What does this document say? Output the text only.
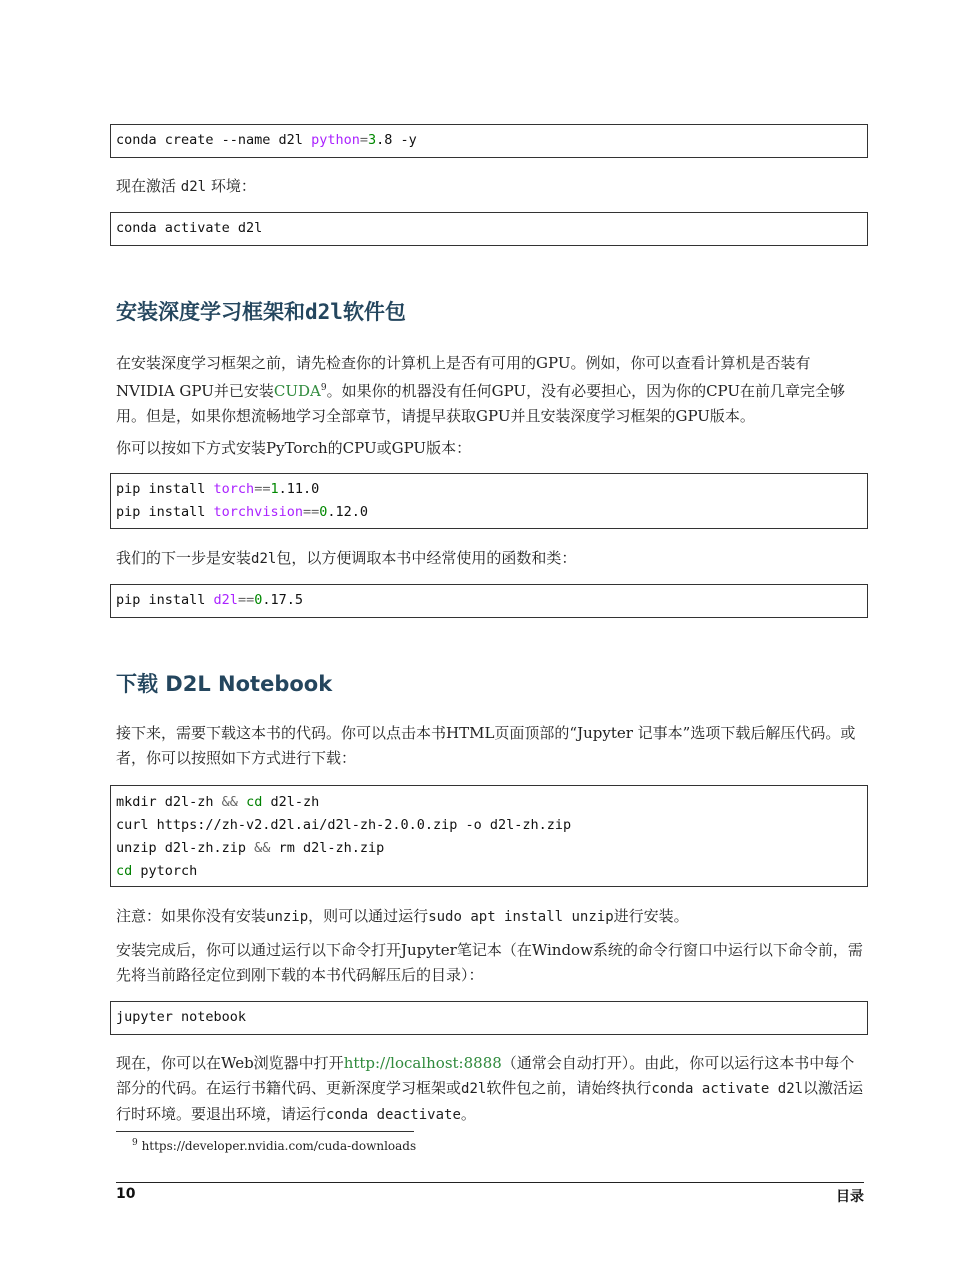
conda create --name d2l python=3.8 -y
现在激活 d2l 环境：
conda activate d2l
安装深度学习框架和d2l软件包
在安装深度学习框架之前，请先检查你的计算机上是否有可用的GPU。例如，你可以查看计算机是否装有NVIDIA GPU并已安装CUDA$^9$。如果你的机器没有任何GPU，没有必要担心，因为你的CPU在前几章完全够用。但是，如果你想流畅地学习全部章节，请提早获取GPU并且安装深度学习框架的GPU版本。
你可以按如下方式安装PyTorch的CPU或GPU版本：
pip install torch==1.11.0
pip install torchvision==0.12.0
我们的下一步是安装d2l包，以方便调取本书中经常使用的函数和类：
pip install d2l==0.17.5
下载 D2L Notebook
接下来，需要下载这本书的代码。你可以点击本书HTML页面顶部的“Jupyter 记事本”选项下载后解压代码。或者，你可以按照如下方式进行下载：
mkdir d2l-zh && cd d2l-zh
curl https://zh-v2.d2l.ai/d2l-zh-2.0.0.zip -o d2l-zh.zip
unzip d2l-zh.zip && rm d2l-zh.zip
cd pytorch
注意：如果你没有安装unzip，则可以通过运行sudo apt install unzip进行安装。
安装完成后，你可以通过运行以下命令打开Jupyter笔记本（在Window系统的命令行窗口中运行以下命令前，需先将当前路径定位到刚下载的本书代码解压后的目录）：
jupyter notebook
现在，你可以在Web浏览器中打开http://localhost:8888（通常会自动打开）。由此，你可以运行这本书中每个部分的代码。在运行书籍代码、更新深度学习框架或d2l软件包之前，请始终执行conda activate d2l以激活运行时环境。要退出环境，请运行conda deactivate。
$^9$ https://developer.nvidia.com/cuda-downloads
10	目录
